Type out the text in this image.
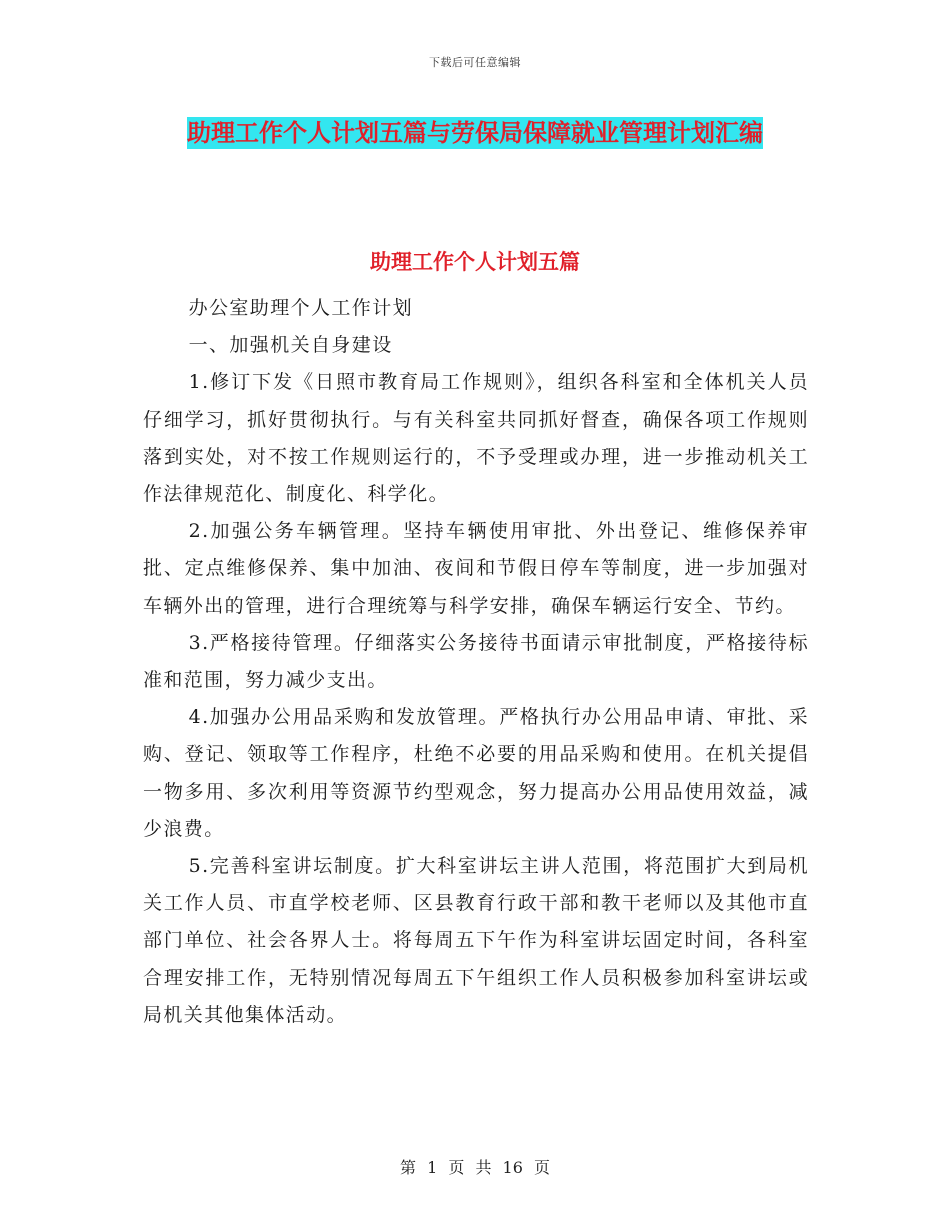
下载后可任意编辑
助理工作个人计划五篇与劳保局保障就业管理计划汇编
助理工作个人计划五篇

办公室助理个人工作计划

一、加强机关自身建设

1.修订下发《日照市教育局工作规则》，组织各科室和全体机关人员仔细学习，抓好贯彻执行。与有关科室共同抓好督查，确保各项工作规则落到实处，对不按工作规则运行的，不予受理或办理，进一步推动机关工作法律规范化、制度化、科学化。

2.加强公务车辆管理。坚持车辆使用审批、外出登记、维修保养审批、定点维修保养、集中加油、夜间和节假日停车等制度，进一步加强对车辆外出的管理，进行合理统筹与科学安排，确保车辆运行安全、节约。

3.严格接待管理。仔细落实公务接待书面请示审批制度，严格接待标准和范围，努力减少支出。

4.加强办公用品采购和发放管理。严格执行办公用品申请、审批、采购、登记、领取等工作程序，杜绝不必要的用品采购和使用。在机关提倡一物多用、多次利用等资源节约型观念，努力提高办公用品使用效益，减少浪费。

5.完善科室讲坛制度。扩大科室讲坛主讲人范围，将范围扩大到局机关工作人员、市直学校老师、区县教育行政干部和教干老师以及其他市直部门单位、社会各界人士。将每周五下午作为科室讲坛固定时间，各科室合理安排工作，无特别情况每周五下午组织工作人员积极参加科室讲坛或局机关其他集体活动。

第 1 页 共 16 页
